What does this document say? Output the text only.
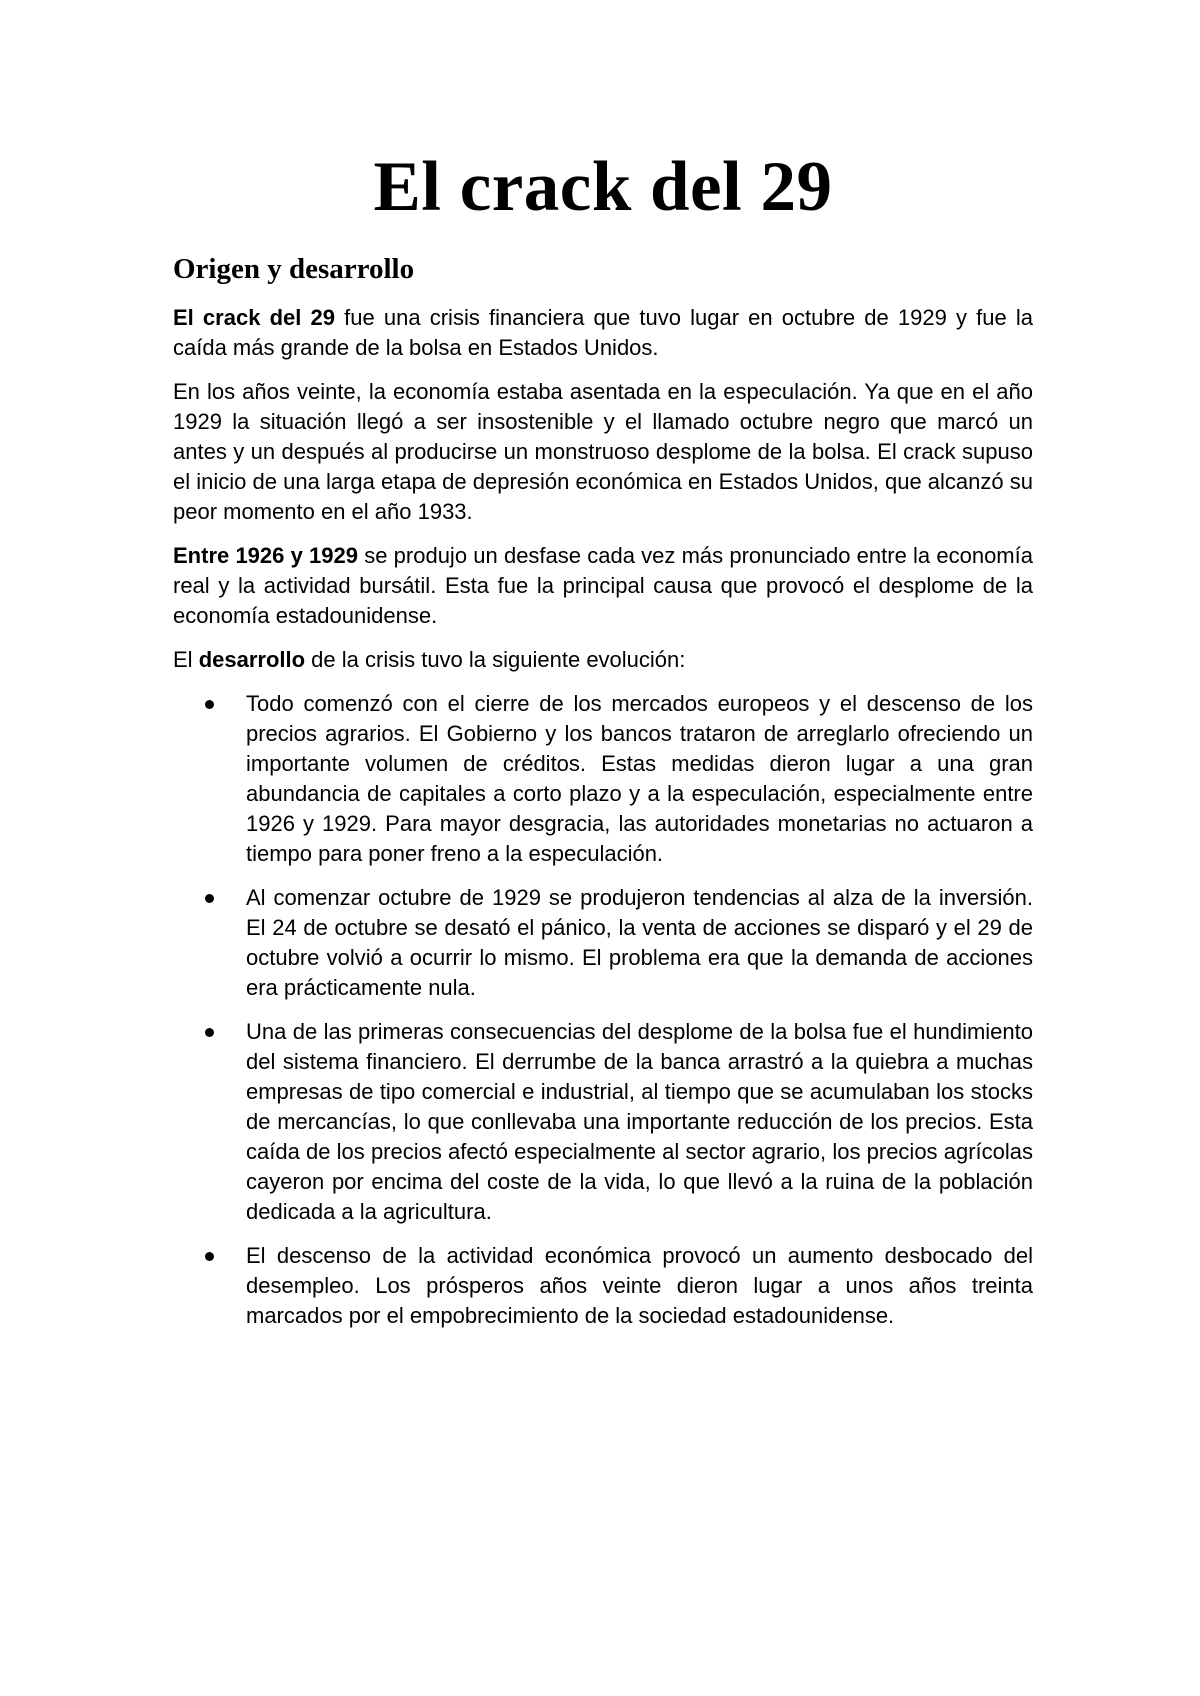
El crack del 29
Origen y desarrollo

El crack del 29 fue una crisis financiera que tuvo lugar en octubre de 1929 y fue la caída más grande de la bolsa en Estados Unidos.

En los años veinte, la economía estaba asentada en la especulación. Ya que en el año 1929 la situación llegó a ser insostenible y el llamado octubre negro que marcó un antes y un después al producirse un monstruoso desplome de la bolsa. El crack supuso el inicio de una larga etapa de depresión económica en Estados Unidos, que alcanzó su peor momento en el año 1933.

Entre 1926 y 1929 se produjo un desfase cada vez más pronunciado entre la economía real y la actividad bursátil. Esta fue la principal causa que provocó el desplome de la economía estadounidense.

El desarrollo de la crisis tuvo la siguiente evolución:

Todo comenzó con el cierre de los mercados europeos y el descenso de los precios agrarios. El Gobierno y los bancos trataron de arreglarlo ofreciendo un importante volumen de créditos. Estas medidas dieron lugar a una gran abundancia de capitales a corto plazo y a la especulación, especialmente entre 1926 y 1929. Para mayor desgracia, las autoridades monetarias no actuaron a tiempo para poner freno a la especulación.
Al comenzar octubre de 1929 se produjeron tendencias al alza de la inversión. El 24 de octubre se desató el pánico, la venta de acciones se disparó y el 29 de octubre volvió a ocurrir lo mismo. El problema era que la demanda de acciones era prácticamente nula.
Una de las primeras consecuencias del desplome de la bolsa fue el hundimiento del sistema financiero. El derrumbe de la banca arrastró a la quiebra a muchas empresas de tipo comercial e industrial, al tiempo que se acumulaban los stocks de mercancías, lo que conllevaba una importante reducción de los precios. Esta caída de los precios afectó especialmente al sector agrario, los precios agrícolas cayeron por encima del coste de la vida, lo que llevó a la ruina de la población dedicada a la agricultura.
El descenso de la actividad económica provocó un aumento desbocado del desempleo. Los prósperos años veinte dieron lugar a unos años treinta marcados por el empobrecimiento de la sociedad estadounidense.
